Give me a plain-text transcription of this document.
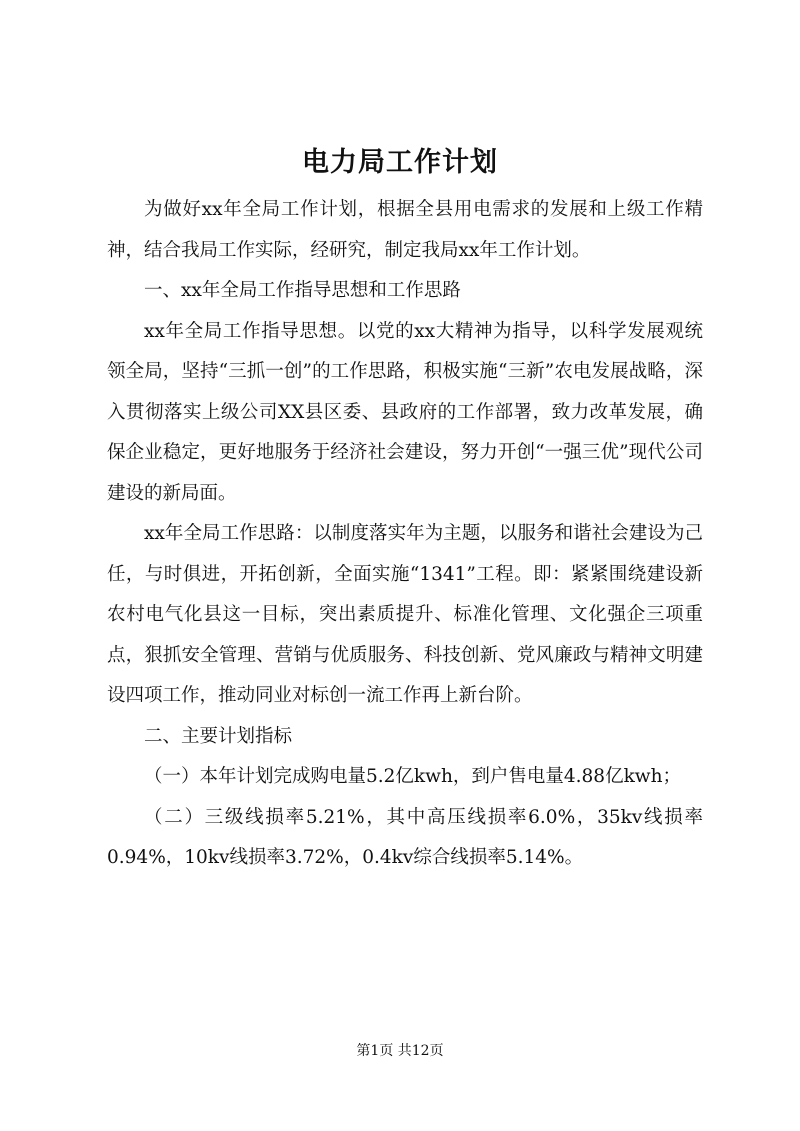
电力局工作计划

为做好xx年全局工作计划，根据全县用电需求的发展和上级工作精神，结合我局工作实际，经研究，制定我局xx年工作计划。

一、xx年全局工作指导思想和工作思路

xx年全局工作指导思想。以党的xx大精神为指导，以科学发展观统领全局，坚持“三抓一创”的工作思路，积极实施“三新”农电发展战略，深入贯彻落实上级公司XX县区委、县政府的工作部署，致力改革发展，确保企业稳定，更好地服务于经济社会建设，努力开创“一强三优”现代公司建设的新局面。

xx年全局工作思路：以制度落实年为主题，以服务和谐社会建设为己任，与时俱进，开拓创新，全面实施“1341”工程。即：紧紧围绕建设新农村电气化县这一目标，突出素质提升、标准化管理、文化强企三项重点，狠抓安全管理、营销与优质服务、科技创新、党风廉政与精神文明建设四项工作，推动同业对标创一流工作再上新台阶。

二、主要计划指标

（一）本年计划完成购电量5.2亿kwh，到户售电量4.88亿kwh；

（二）三级线损率5.21%，其中高压线损率6.0%，35kv线损率0.94%，10kv线损率3.72%，0.4kv综合线损率5.14%。

第1页 共12页
